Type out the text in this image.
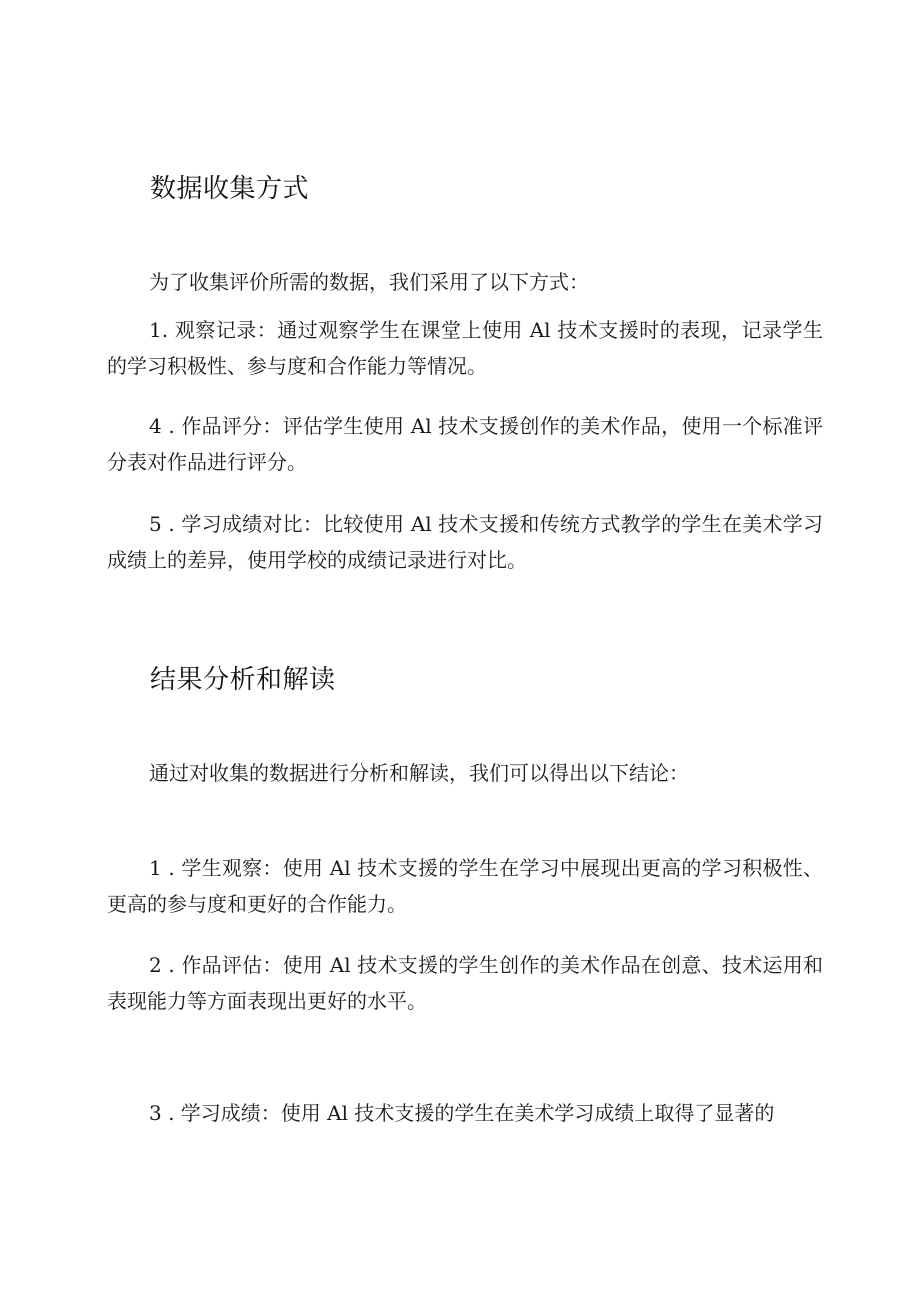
数据收集方式

为了收集评价所需的数据，我们采用了以下方式：

1. 观察记录：通过观察学生在课堂上使用 Al 技术支援时的表现，记录学生的学习积极性、参与度和合作能力等情况。

4 . 作品评分：评估学生使用 Al 技术支援创作的美术作品，使用一个标准评分表对作品进行评分。

5 . 学习成绩对比：比较使用 Al 技术支援和传统方式教学的学生在美术学习成绩上的差异，使用学校的成绩记录进行对比。

结果分析和解读

通过对收集的数据进行分析和解读，我们可以得出以下结论：

1 . 学生观察：使用 Al 技术支援的学生在学习中展现出更高的学习积极性、更高的参与度和更好的合作能力。

2 . 作品评估：使用 Al 技术支援的学生创作的美术作品在创意、技术运用和表现能力等方面表现出更好的水平。

3 . 学习成绩：使用 Al 技术支援的学生在美术学习成绩上取得了显著的
